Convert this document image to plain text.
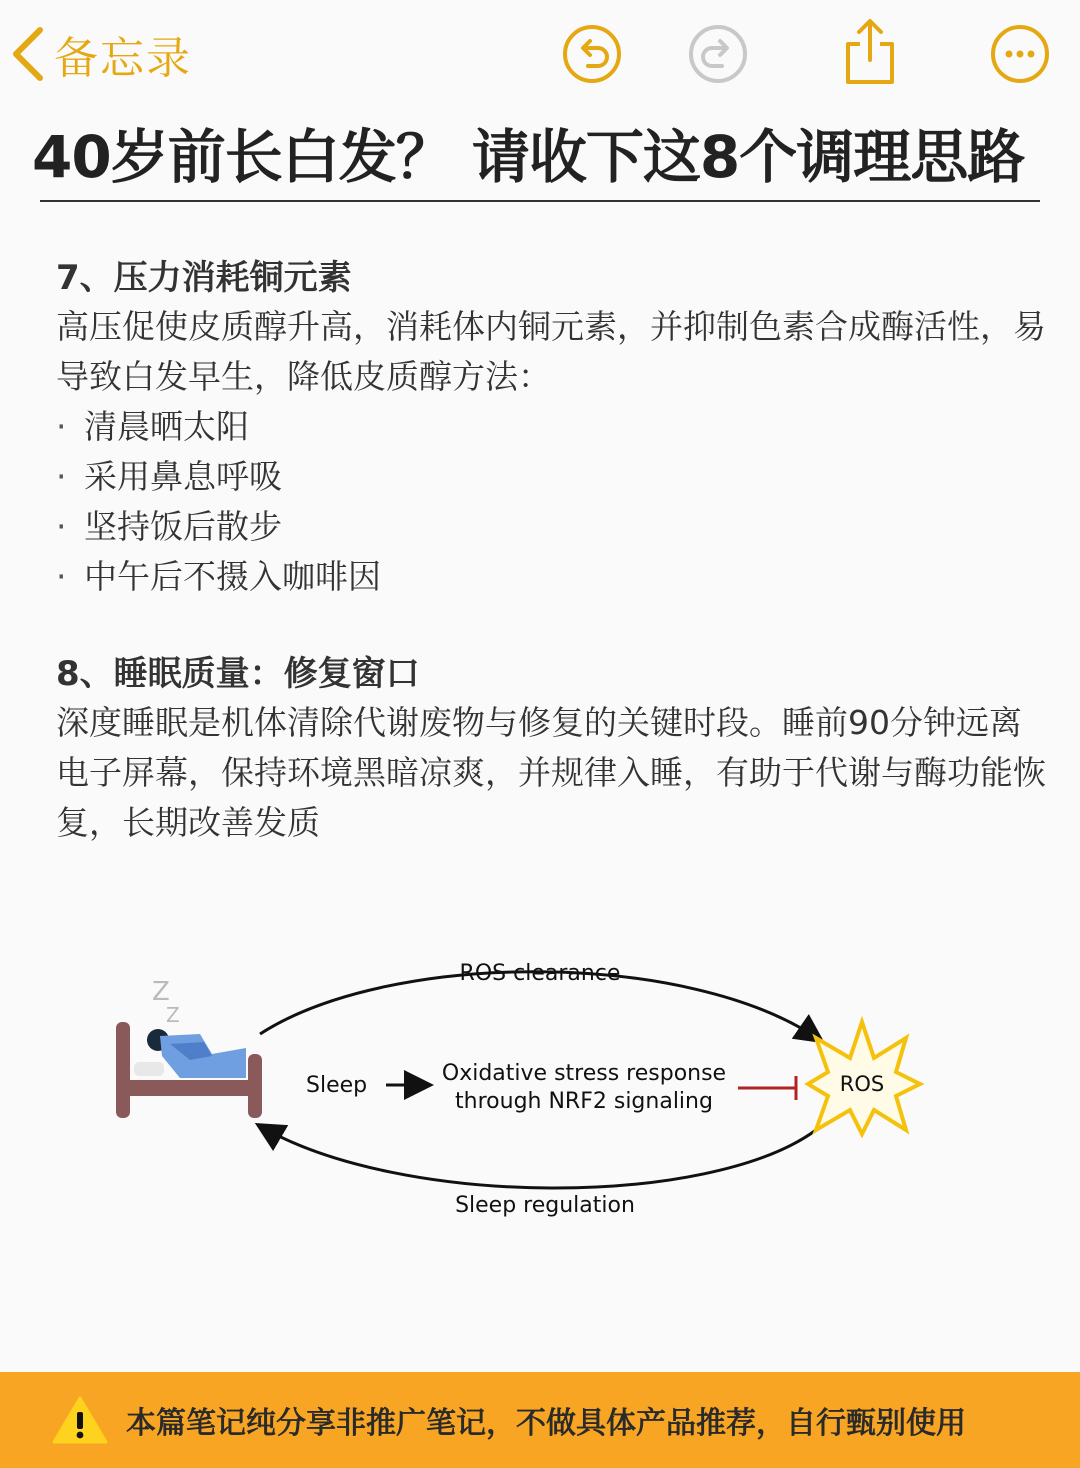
备忘录
40岁前长白发？ 请收下这8个调理思路

7、压力消耗铜元素

高压促使皮质醇升高，消耗体内铜元素，并抑制色素合成酶活性，易导致白发早生，降低皮质醇方法：

· 清晨晒太阳
· 采用鼻息呼吸
· 坚持饭后散步
· 中午后不摄入咖啡因

8、睡眠质量：修复窗口

深度睡眠是机体清除代谢废物与修复的关键时段。睡前90分钟远离电子屏幕，保持环境黑暗凉爽，并规律入睡，有助于代谢与酶功能恢复，长期改善发质

Z
Z
ROS clearance
Sleep regulation
Sleep	Oxidative stress response
through NRF2 signaling
ROS
本篇笔记纯分享非推广笔记，不做具体产品推荐，自行甄别使用
